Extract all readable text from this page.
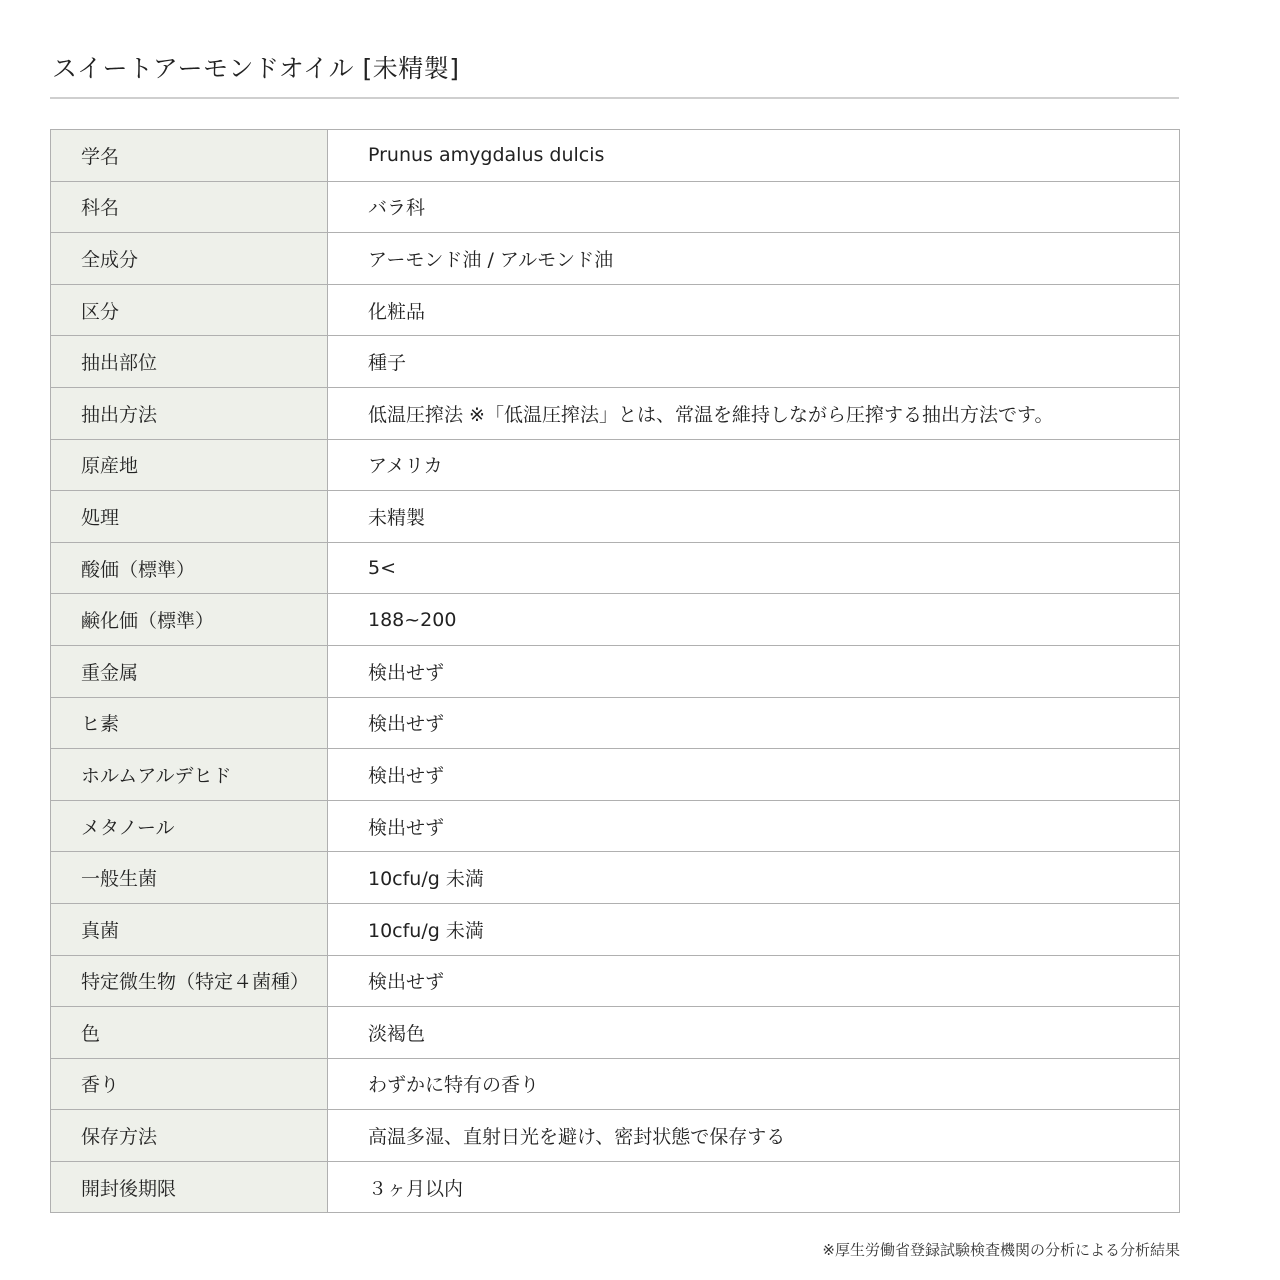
スイートアーモンドオイル [未精製]
学名	Prunus amygdalus dulcis
科名	バラ科
全成分	アーモンド油 / アルモンド油
区分	化粧品
抽出部位	種子
抽出方法	低温圧搾法 ※「低温圧搾法」とは、常温を維持しながら圧搾する抽出方法です。
原産地	アメリカ
処理	未精製
酸価（標準）	5<
鹸化価（標準）	188~200
重金属	検出せず
ヒ素	検出せず
ホルムアルデヒド	検出せず
メタノール	検出せず
一般生菌	10cfu/g 未満
真菌	10cfu/g 未満
特定微生物（特定４菌種）	検出せず
色	淡褐色
香り	わずかに特有の香り
保存方法	高温多湿、直射日光を避け、密封状態で保存する
開封後期限	３ヶ月以内
※厚生労働省登録試験検査機関の分析による分析結果
